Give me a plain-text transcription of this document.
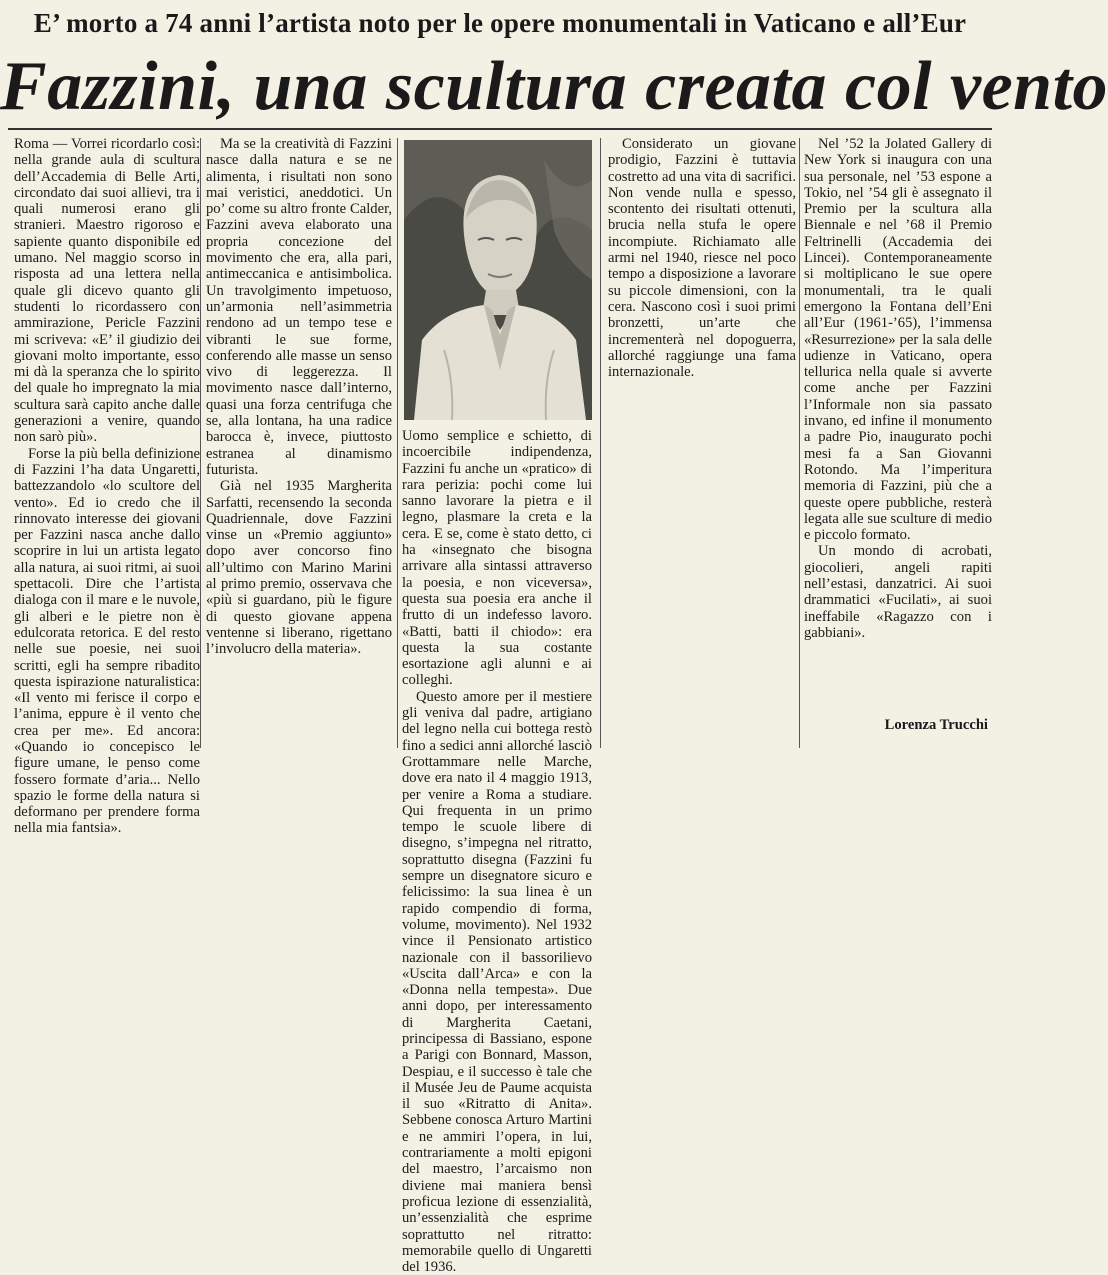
E’ morto a 74 anni l’artista noto per le opere monumentali in Vaticano e all’Eur
Fazzini, una scultura creata col vento

Roma — Vorrei ricordarlo così: nella grande aula di scultura dell’Accademia di Belle Arti, circondato dai suoi allievi, tra i quali numerosi erano gli stranieri. Maestro rigoroso e sapiente quanto disponibile ed umano. Nel maggio scorso in risposta ad una lettera nella quale gli dicevo quanto gli studenti lo ricordassero con ammirazione, Pericle Fazzini mi scriveva: «E’ il giudizio dei giovani molto importante, esso mi dà la speranza che lo spirito del quale ho impregnato la mia scultura sarà capito anche dalle generazioni a venire, quando non sarò più».

Forse la più bella definizione di Fazzini l’ha data Ungaretti, battezzandolo «lo scultore del vento». Ed io credo che il rinnovato interesse dei giovani per Fazzini nasca anche dallo scoprire in lui un artista legato alla natura, ai suoi ritmi, ai suoi spettacoli. Dire che l’artista dialoga con il mare e le nuvole, gli alberi e le pietre non è edulcorata retorica. E del resto nelle sue poesie, nei suoi scritti, egli ha sempre ribadito questa ispirazione naturalistica: «Il vento mi ferisce il corpo e l’anima, eppure è il vento che crea per me». Ed ancora: «Quando io concepisco le figure umane, le penso come fossero formate d’aria... Nello spazio le forme della natura si deformano per prendere forma nella mia fantsia».

Ma se la creatività di Fazzini nasce dalla natura e se ne alimenta, i risultati non sono mai veristici, aneddotici. Un po’ come su altro fronte Calder, Fazzini aveva elaborato una propria concezione del movimento che era, alla pari, antimeccanica e antisimbolica. Un travolgimento impetuoso, un’armonia nell’asimmetria rendono ad un tempo tese e vibranti le sue forme, conferendo alle masse un senso vivo di leggerezza. Il movimento nasce dall’interno, quasi una forza centrifuga che se, alla lontana, ha una radice barocca è, invece, piuttosto estranea al dinamismo futurista.

Già nel 1935 Margherita Sarfatti, recensendo la seconda Quadriennale, dove Fazzini vinse un «Premio aggiunto» dopo aver concorso fino all’ultimo con Marino Marini al primo premio, osservava che «più si guardano, più le figure di questo giovane appena ventenne si liberano, rigettano l’involucro della materia».

Uomo semplice e schietto, di incoercibile indipendenza, Fazzini fu anche un «pratico» di rara perizia: pochi come lui sanno lavorare la pietra e il legno, plasmare la creta e la cera. E se, come è stato detto, ci ha «insegnato che bisogna arrivare alla sintassi attraverso la poesia, e non viceversa», questa sua poesia era anche il frutto di un indefesso lavoro. «Batti, batti il chiodo»: era questa la sua costante esortazione agli alunni e ai colleghi.

Questo amore per il mestiere gli veniva dal padre, artigiano del legno nella cui bottega restò fino a sedici anni allorché lasciò Grottammare nelle Marche, dove era nato il 4 maggio 1913, per venire a Roma a studiare. Qui frequenta in un primo tempo le scuole libere di disegno, s’impegna nel ritratto, soprattutto disegna (Fazzini fu sempre un disegnatore sicuro e felicissimo: la sua linea è un rapido compendio di forma, volume, movimento). Nel 1932 vince il Pensionato artistico nazionale con il bassorilievo «Uscita dall’Arca» e con la «Donna nella tempesta». Due anni dopo, per interessamento di Margherita Caetani, principessa di Bassiano, espone a Parigi con Bonnard, Masson, Despiau, e il successo è tale che il Musée Jeu de Paume acquista il suo «Ritratto di Anita». Sebbene conosca Arturo Martini e ne ammiri l’opera, in lui, contrariamente a molti epigoni del maestro, l’arcaismo non diviene mai maniera bensì proficua lezione di essenzialità, un’essenzialità che esprime soprattutto nel ritratto: memorabile quello di Ungaretti del 1936.

Considerato un giovane prodigio, Fazzini è tuttavia costretto ad una vita di sacrifici. Non vende nulla e spesso, scontento dei risultati ottenuti, brucia nella stufa le opere incompiute. Richiamato alle armi nel 1940, riesce nel poco tempo a disposizione a lavorare su piccole dimensioni, con la cera. Nascono così i suoi primi bronzetti, un’arte che incrementerà nel dopoguerra, allorché raggiunge una fama internazionale.

Nel ’52 la Jolated Gallery di New York si inaugura con una sua personale, nel ’53 espone a Tokio, nel ’54 gli è assegnato il Premio per la scultura alla Biennale e nel ’68 il Premio Feltrinelli (Accademia dei Lincei). Contemporaneamente si moltiplicano le sue opere monumentali, tra le quali emergono la Fontana dell’Eni all’Eur (1961-’65), l’immensa «Resurrezione» per la sala delle udienze in Vaticano, opera tellurica nella quale si avverte come anche per Fazzini l’Informale non sia passato invano, ed infine il monumento a padre Pio, inaugurato pochi mesi fa a San Giovanni Rotondo. Ma l’imperitura memoria di Fazzini, più che a queste opere pubbliche, resterà legata alle sue sculture di medio e piccolo formato.

Un mondo di acrobati, giocolieri, angeli rapiti nell’estasi, danzatrici. Ai suoi drammatici «Fucilati», ai suoi ineffabile «Ragazzo con i gabbiani».

Lorenza Trucchi
